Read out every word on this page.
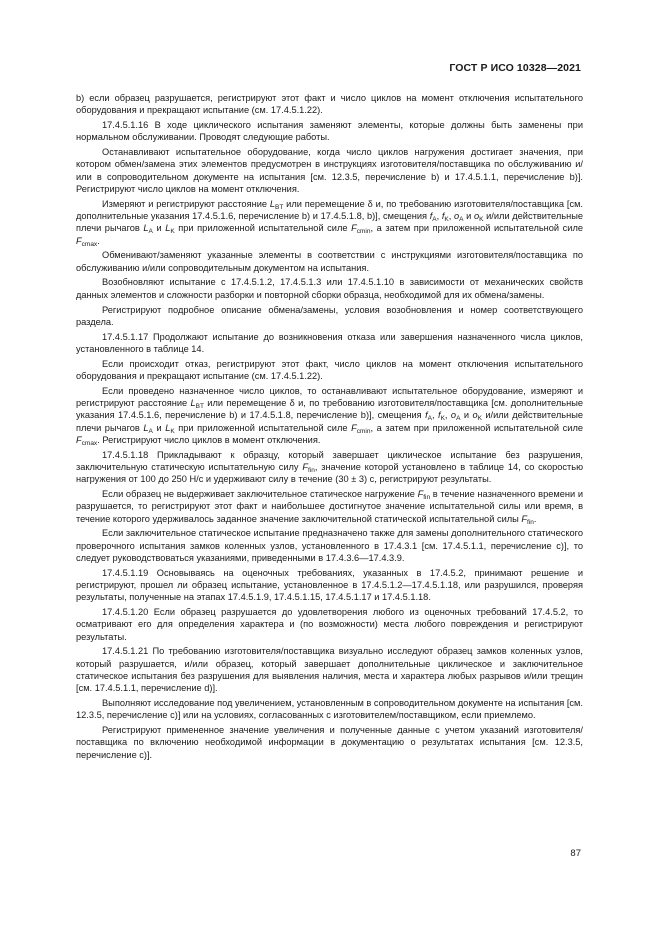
ГОСТ Р ИСО 10328—2021

b) если образец разрушается, регистрируют этот факт и число циклов на момент отключения испытательного оборудования и прекращают испытание (см. 17.4.5.1.22).

17.4.5.1.16 В ходе циклического испытания заменяют элементы, которые должны быть заменены при нормальном обслуживании. Проводят следующие работы.

Останавливают испытательное оборудование, когда число циклов нагружения достигает значения, при котором обмен/замена этих элементов предусмотрен в инструкциях изготовителя/поставщика по обслуживанию и/или в сопроводительном документе на испытания [см. 12.3.5, перечисление b) и 17.4.5.1.1, перечисление b)]. Регистрируют число циклов на момент отключения.

Измеряют и регистрируют расстояние $L_{BT}$ или перемещение δ и, по требованию изготовителя/поставщика [см. дополнительные указания 17.4.5.1.6, перечисление b) и 17.4.5.1.8, b)], смещения $f_A$, $f_K$, $o_A$ и $o_K$ и/или действительные плечи рычагов $L_A$ и $L_K$ при приложенной испытательной силе $F_{cmin}$, а затем при приложенной испытательной силе $F_{cmax}$.

Обменивают/заменяют указанные элементы в соответствии с инструкциями изготовителя/поставщика по обслуживанию и/или сопроводительным документом на испытания.

Возобновляют испытание с 17.4.5.1.2, 17.4.5.1.3 или 17.4.5.1.10 в зависимости от механических свойств данных элементов и сложности разборки и повторной сборки образца, необходимой для их обмена/замены.

Регистрируют подробное описание обмена/замены, условия возобновления и номер соответствующего раздела.

17.4.5.1.17 Продолжают испытание до возникновения отказа или завершения назначенного числа циклов, установленного в таблице 14.

Если происходит отказ, регистрируют этот факт, число циклов на момент отключения испытательного оборудования и прекращают испытание (см. 17.4.5.1.22).

Если проведено назначенное число циклов, то останавливают испытательное оборудование, измеряют и регистрируют расстояние $L_{BT}$ или перемещение δ и, по требованию изготовителя/поставщика [см. дополнительные указания 17.4.5.1.6, перечисление b) и 17.4.5.1.8, перечисление b)], смещения $f_A$, $f_K$, $o_A$ и $o_K$ и/или действительные плечи рычагов $L_A$ и $L_K$ при приложенной испытательной силе $F_{cmin}$, а затем при приложенной испытательной силе $F_{cmax}$. Регистрируют число циклов в момент отключения.

17.4.5.1.18 Прикладывают к образцу, который завершает циклическое испытание без разрушения, заключительную статическую испытательную силу $F_{fin}$, значение которой установлено в таблице 14, со скоростью нагружения от 100 до 250 Н/с и удерживают силу в течение (30 ± 3) с, регистрируют результаты.

Если образец не выдерживает заключительное статическое нагружение $F_{fin}$ в течение назначенного времени и разрушается, то регистрируют этот факт и наибольшее достигнутое значение испытательной силы или время, в течение которого удерживалось заданное значение заключительной статической испытательной силы $F_{fin}$.

Если заключительное статическое испытание предназначено также для замены дополнительного статического проверочного испытания замков коленных узлов, установленного в 17.4.3.1 [см. 17.4.5.1.1, перечисление c)], то следует руководствоваться указаниями, приведенными в 17.4.3.6—17.4.3.9.

17.4.5.1.19 Основываясь на оценочных требованиях, указанных в 17.4.5.2, принимают решение и регистрируют, прошел ли образец испытание, установленное в 17.4.5.1.2—17.4.5.1.18, или разрушился, проверяя результаты, полученные на этапах 17.4.5.1.9, 17.4.5.1.15, 17.4.5.1.17 и 17.4.5.1.18.

17.4.5.1.20 Если образец разрушается до удовлетворения любого из оценочных требований 17.4.5.2, то осматривают его для определения характера и (по возможности) места любого повреждения и регистрируют результаты.

17.4.5.1.21 По требованию изготовителя/поставщика визуально исследуют образец замков коленных узлов, который разрушается, и/или образец, который завершает дополнительные циклическое и заключительное статическое испытания без разрушения для выявления наличия, места и характера любых разрывов и/или трещин [см. 17.4.5.1.1, перечисление d)].

Выполняют исследование под увеличением, установленным в сопроводительном документе на испытания [см. 12.3.5, перечисление c)] или на условиях, согласованных с изготовителем/поставщиком, если приемлемо.

Регистрируют примененное значение увеличения и полученные данные с учетом указаний изготовителя/поставщика по включению необходимой информации в документацию о результатах испытания [см. 12.3.5, перечисление c)].

87
